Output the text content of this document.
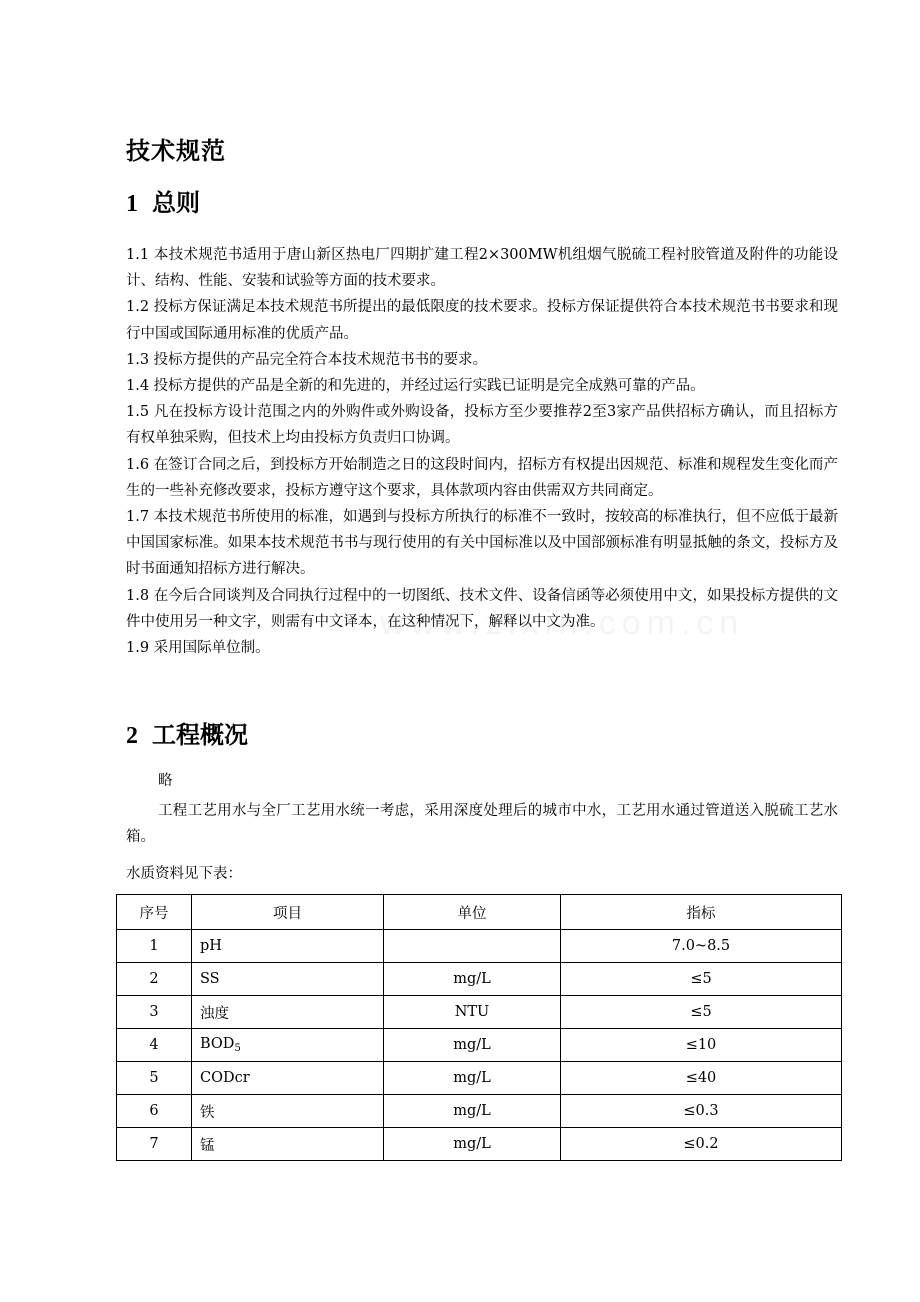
技术规范
1 总则

1.1 本技术规范书适用于唐山新区热电厂四期扩建工程2×300MW机组烟气脱硫工程衬胶管道及附件的功能设计、结构、性能、安装和试验等方面的技术要求。

1.2 投标方保证满足本技术规范书所提出的最低限度的技术要求。投标方保证提供符合本技术规范书书要求和现行中国或国际通用标准的优质产品。

1.3 投标方提供的产品完全符合本技术规范书书的要求。

1.4 投标方提供的产品是全新的和先进的，并经过运行实践已证明是完全成熟可靠的产品。

1.5 凡在投标方设计范围之内的外购件或外购设备，投标方至少要推荐2至3家产品供招标方确认，而且招标方有权单独采购，但技术上均由投标方负责归口协调。

1.6 在签订合同之后，到投标方开始制造之日的这段时间内，招标方有权提出因规范、标准和规程发生变化而产生的一些补充修改要求，投标方遵守这个要求，具体款项内容由供需双方共同商定。

1.7 本技术规范书所使用的标准，如遇到与投标方所执行的标准不一致时，按较高的标准执行，但不应低于最新中国国家标准。如果本技术规范书书与现行使用的有关中国标准以及中国部颁标准有明显抵触的条文，投标方及时书面通知招标方进行解决。

1.8 在今后合同谈判及合同执行过程中的一切图纸、技术文件、设备信函等必须使用中文，如果投标方提供的文件中使用另一种文字，则需有中文译本，在这种情况下，解释以中文为准。

1.9 采用国际单位制。

2 工程概况

略

工程工艺用水与全厂工艺用水统一考虑，采用深度处理后的城市中水，工艺用水通过管道送入脱硫工艺水箱。

水质资料见下表：

序号	项目	单位	指标
1	pH		7.0~8.5
2	SS	mg/L	≤5
3	浊度	NTU	≤5
4	$BOD_5$	mg/L	≤10
5	CODcr	mg/L	≤40
6	铁	mg/L	≤0.3
7	锰	mg/L	≤0.2
